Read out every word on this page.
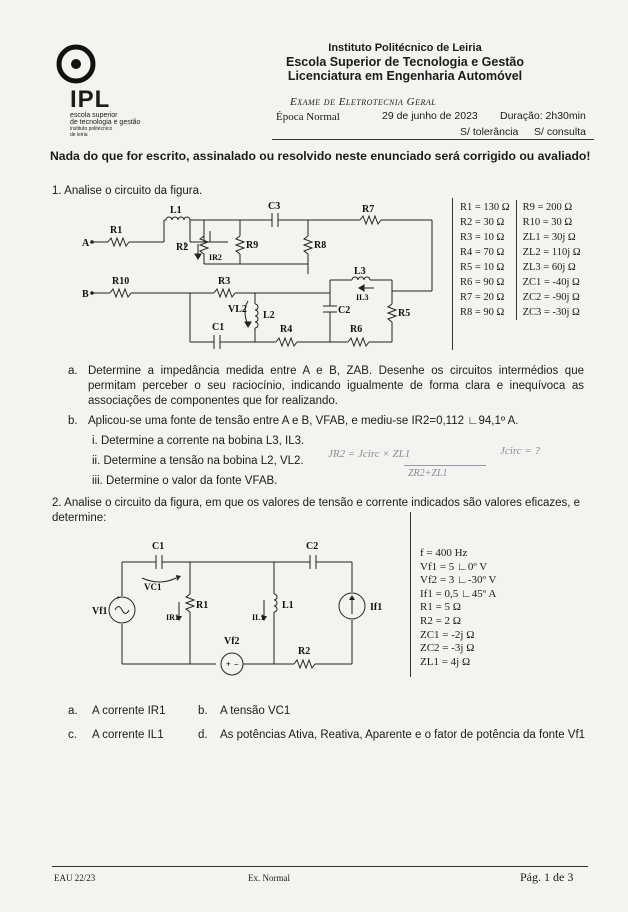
IPL
escola superior
de tecnologia e gestão
instituto politécnico
de leiria
Instituto Politécnico de Leiria
Escola Superior de Tecnologia e Gestão
Licenciatura em Engenharia Automóvel
Exame de Eletrotecnia Geral
Época Normal	29 de junho de 2023 Duração: 2h30min
S/ tolerância S/ consulta
Nada do que for escrito, assinalado ou resolvido neste enunciado será corrigido ou avaliado!
1. Analise o circuito da figura.
A
B
L1	C3	R7
R1
R2
IR2
R9	R8
R10	R3
L3
IL3
VL2
L2	C2	R5
C1	R4	R6
R1 = 130 Ω	R9 = 200 Ω
R2 = 30 Ω	R10 = 30 Ω
R3 = 10 Ω	ZL1 = 30j Ω
R4 = 70 Ω	ZL2 = 110j Ω
R5 = 10 Ω	ZL3 = 60j Ω
R6 = 90 Ω	ZC1 = -40j Ω
R7 = 20 Ω	ZC2 = -90j Ω
R8 = 90 Ω	ZC3 = -30j Ω
a. Determine a impedância medida entre A e B, ZAB. Desenhe os circuitos intermédios que permitam perceber o seu raciocínio, indicando igualmente de forma clara e inequívoca as associações de componentes que for realizando.
b. Aplicou-se uma fonte de tensão entre A e B, VFAB, e mediu-se IR2=0,112 ∟94,1º A.
i. Determine a corrente na bobina L3, IL3.
ii. Determine a tensão na bobina L2, VL2.
iii. Determine o valor da fonte VFAB.
JR2 = Jcirc × ZL1
ZR2+ZL1
Jcirc = ?
2. Analise o circuito da figura, em que os valores de tensão e corrente indicados são valores eficazes, e determine:
+ −
+
C1	C2
VC1
Vf1
R1
IR1	IL1
L1	If1
Vf2
R2
f = 400 Hz
Vf1 = 5 ∟0º V
Vf2 = 3 ∟-30º V
If1 = 0,5 ∟45º A
R1 = 5 Ω
R2 = 2 Ω
ZC1 = -2j Ω
ZC2 = -3j Ω
ZL1 = 4j Ω
a. A corrente IR1	b. A tensão VC1
c. A corrente IL1	d. As potências Ativa, Reativa, Aparente e o fator de potência da fonte Vf1
EAU 22/23	Ex. Normal	Pág. 1 de 3
